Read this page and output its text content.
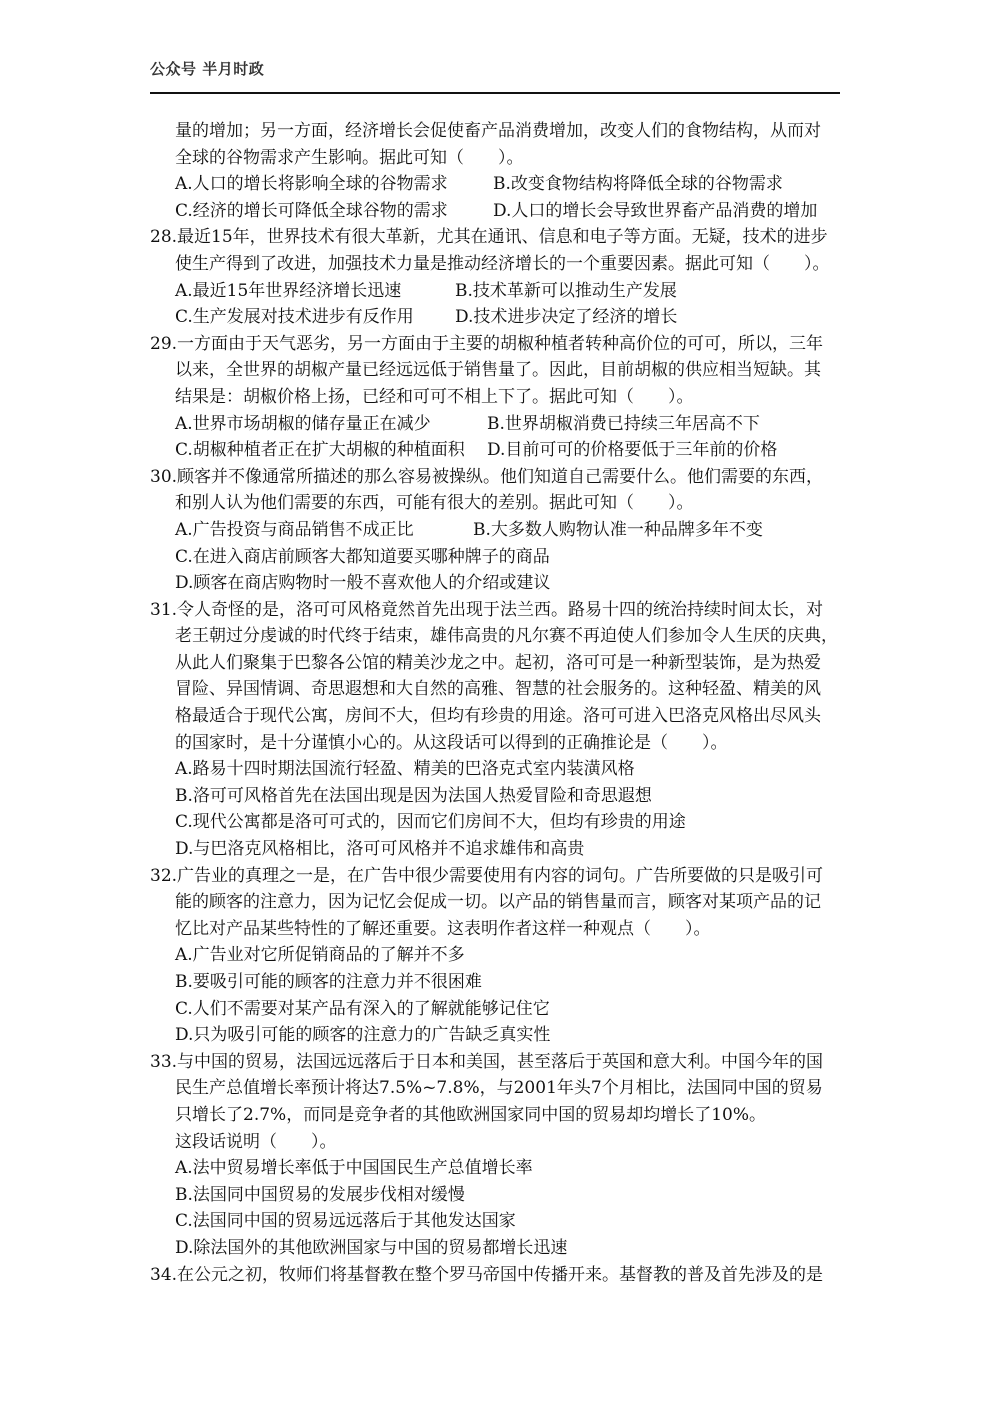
公众号 半月时政
量的增加；另一方面，经济增长会促使畜产品消费增加，改变人们的食物结构，从而对
全球的谷物需求产生影响。据此可知（　　）。
A.人口的增长将影响全球的谷物需求	B.改变食物结构将降低全球的谷物需求
C.经济的增长可降低全球谷物的需求	D.人口的增长会导致世界畜产品消费的增加
28.最近15年，世界技术有很大革新，尤其在通讯、信息和电子等方面。无疑，技术的进步
使生产得到了改进，加强技术力量是推动经济增长的一个重要因素。据此可知（　　）。
A.最近15年世界经济增长迅速	B.技术革新可以推动生产发展
C.生产发展对技术进步有反作用	D.技术进步决定了经济的增长
29.一方面由于天气恶劣，另一方面由于主要的胡椒种植者转种高价位的可可，所以，三年
以来，全世界的胡椒产量已经远远低于销售量了。因此，目前胡椒的供应相当短缺。其
结果是：胡椒价格上扬，已经和可可不相上下了。据此可知（　　）。
A.世界市场胡椒的储存量正在减少	B.世界胡椒消费已持续三年居高不下
C.胡椒种植者正在扩大胡椒的种植面积	D.目前可可的价格要低于三年前的价格
30.顾客并不像通常所描述的那么容易被操纵。他们知道自己需要什么。他们需要的东西，
和别人认为他们需要的东西，可能有很大的差别。据此可知（　　）。
A.广告投资与商品销售不成正比	B.大多数人购物认准一种品牌多年不变
C.在进入商店前顾客大都知道要买哪种牌子的商品
D.顾客在商店购物时一般不喜欢他人的介绍或建议
31.令人奇怪的是，洛可可风格竟然首先出现于法兰西。路易十四的统治持续时间太长，对
老王朝过分虔诚的时代终于结束，雄伟高贵的凡尔赛不再迫使人们参加令人生厌的庆典，
从此人们聚集于巴黎各公馆的精美沙龙之中。起初，洛可可是一种新型装饰，是为热爱
冒险、异国情调、奇思遐想和大自然的高雅、智慧的社会服务的。这种轻盈、精美的风
格最适合于现代公寓，房间不大，但均有珍贵的用途。洛可可进入巴洛克风格出尽风头
的国家时，是十分谨慎小心的。从这段话可以得到的正确推论是（　　）。
A.路易十四时期法国流行轻盈、精美的巴洛克式室内装潢风格
B.洛可可风格首先在法国出现是因为法国人热爱冒险和奇思遐想
C.现代公寓都是洛可可式的，因而它们房间不大，但均有珍贵的用途
D.与巴洛克风格相比，洛可可风格并不追求雄伟和高贵
32.广告业的真理之一是，在广告中很少需要使用有内容的词句。广告所要做的只是吸引可
能的顾客的注意力，因为记忆会促成一切。以产品的销售量而言，顾客对某项产品的记
忆比对产品某些特性的了解还重要。这表明作者这样一种观点（　　）。
A.广告业对它所促销商品的了解并不多
B.要吸引可能的顾客的注意力并不很困难
C.人们不需要对某产品有深入的了解就能够记住它
D.只为吸引可能的顾客的注意力的广告缺乏真实性
33.与中国的贸易，法国远远落后于日本和美国，甚至落后于英国和意大利。中国今年的国
民生产总值增长率预计将达7.5%~7.8%，与2001年头7个月相比，法国同中国的贸易
只增长了2.7%，而同是竞争者的其他欧洲国家同中国的贸易却均增长了10%。
这段话说明（　　）。
A.法中贸易增长率低于中国国民生产总值增长率
B.法国同中国贸易的发展步伐相对缓慢
C.法国同中国的贸易远远落后于其他发达国家
D.除法国外的其他欧洲国家与中国的贸易都增长迅速
34.在公元之初，牧师们将基督教在整个罗马帝国中传播开来。基督教的普及首先涉及的是
